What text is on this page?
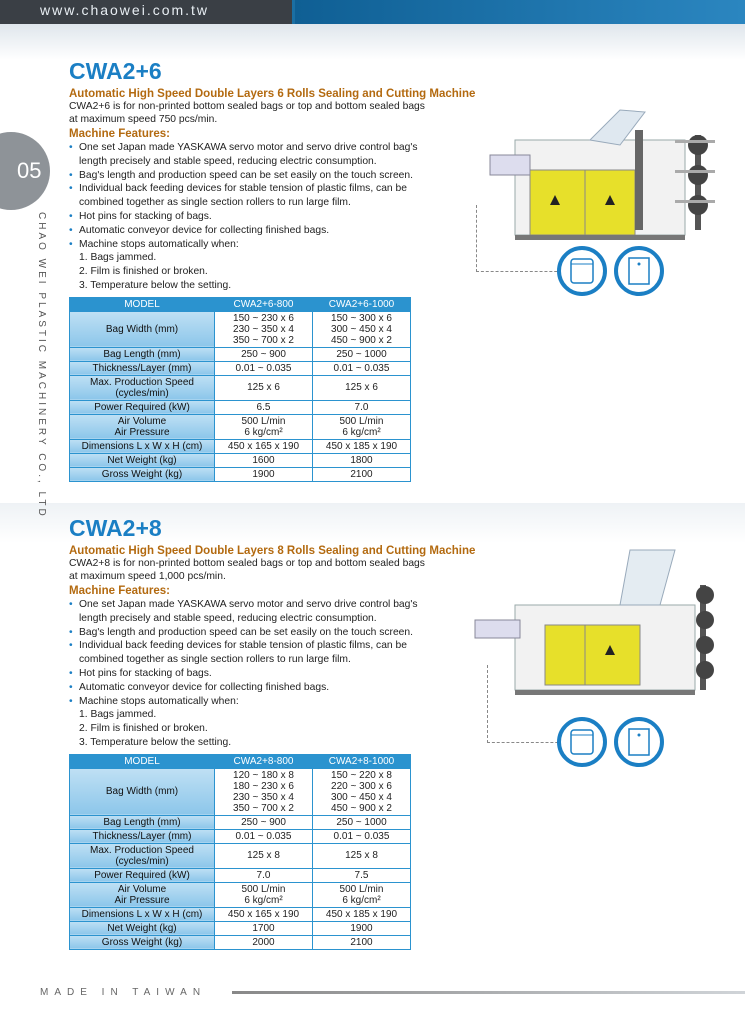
www.chaowei.com.tw
05
CHAO WEI PLASTIC MACHINERY CO., LTD
CWA2+6
Automatic High Speed Double Layers 6 Rolls Sealing and Cutting Machine
CWA2+6 is for non-printed bottom sealed bags or top and bottom sealed bags
at maximum speed 750 pcs/min.
Machine Features:
• One set Japan made YASKAWA servo motor and servo drive control bag's length precisely and stable speed, reducing electric consumption.
• Bag's length and production speed can be set easily on the touch screen.
• Individual back feeding devices for stable tension of plastic films, can be combined together as single section rollers to run large film.
• Hot pins for stacking of bags.
• Automatic conveyor device for collecting finished bags.
• Machine stops automatically when:
1. Bags jammed.
2. Film is finished or broken.
3. Temperature below the setting.
MODEL	CWA2+6-800	CWA2+6-1000
Bag Width (mm)	150 ~ 230 x 6
230 ~ 350 x 4
350 ~ 700 x 2	150 ~ 300 x 6
300 ~ 450 x 4
450 ~ 900 x 2
Bag Length (mm)	250 ~ 900	250 ~ 1000
Thickness/Layer (mm)	0.01 ~ 0.035	0.01 ~ 0.035
Max. Production Speed
(cycles/min)	125 x 6	125 x 6
Power Required (kW)	6.5	7.0
Air Volume
Air Pressure	500 L/min
6 kg/cm²	500 L/min
6 kg/cm²
Dimensions L x W x H (cm)	450 x 165 x 190	450 x 185 x 190
Net Weight (kg)	1600	1800
Gross Weight (kg)	1900	2100
CWA2+8
Automatic High Speed Double Layers 8 Rolls Sealing and Cutting Machine
CWA2+8 is for non-printed bottom sealed bags or top and bottom sealed bags
at maximum speed 1,000 pcs/min.
Machine Features:
• One set Japan made YASKAWA servo motor and servo drive control bag's length precisely and stable speed, reducing electric consumption.
• Bag's length and production speed can be set easily on the touch screen.
• Individual back feeding devices for stable tension of plastic films, can be combined together as single section rollers to run large film.
• Hot pins for stacking of bags.
• Automatic conveyor device for collecting finished bags.
• Machine stops automatically when:
1. Bags jammed.
2. Film is finished or broken.
3. Temperature below the setting.
MODEL	CWA2+8-800	CWA2+8-1000
Bag Width (mm)	120 ~ 180 x 8
180 ~ 230 x 6
230 ~ 350 x 4
350 ~ 700 x 2	150 ~ 220 x 8
220 ~ 300 x 6
300 ~ 450 x 4
450 ~ 900 x 2
Bag Length (mm)	250 ~ 900	250 ~ 1000
Thickness/Layer (mm)	0.01 ~ 0.035	0.01 ~ 0.035
Max. Production Speed
(cycles/min)	125 x 8	125 x 8
Power Required (kW)	7.0	7.5
Air Volume
Air Pressure	500 L/min
6 kg/cm²	500 L/min
6 kg/cm²
Dimensions L x W x H (cm)	450 x 165 x 190	450 x 185 x 190
Net Weight (kg)	1700	1900
Gross Weight (kg)	2000	2100
MADE IN TAIWAN
